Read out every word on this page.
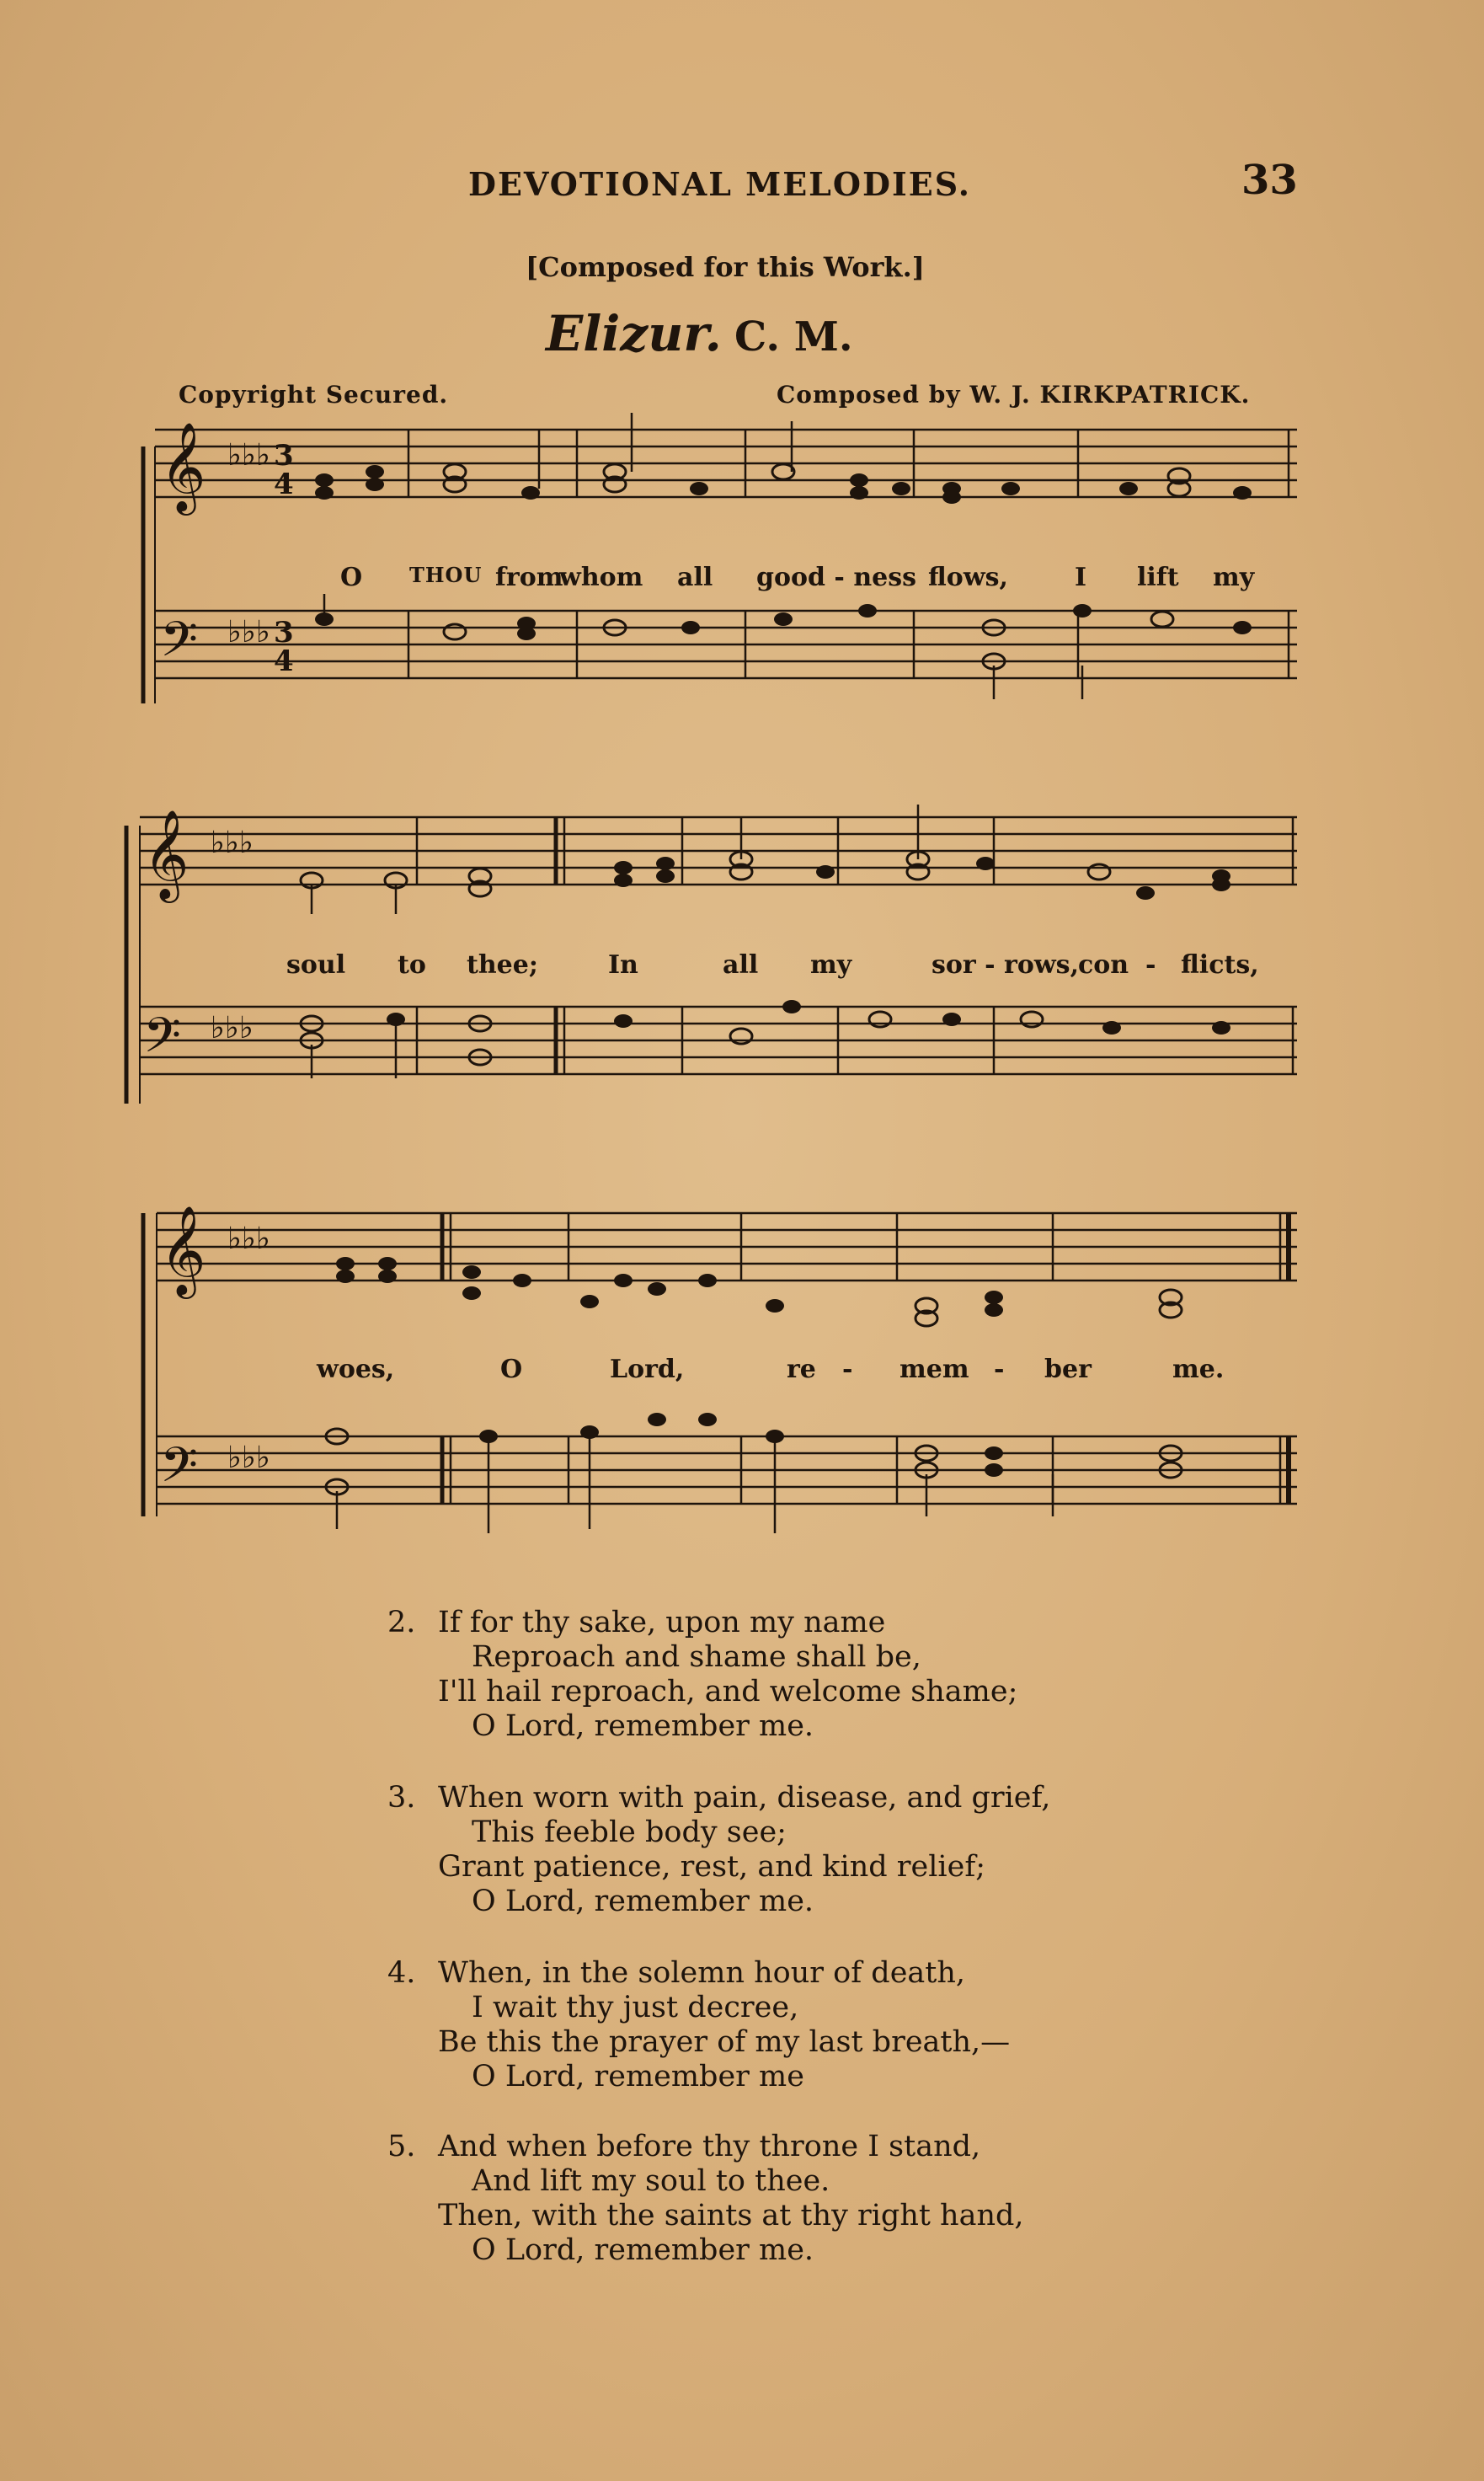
DEVOTIONAL MELODIES.	33
[Composed for this Work.]
Elizur. C. M.
Copyright Secured.	Composed by W. J. KIRKPATRICK.
𝄞
𝄢
♭♭♭
♭♭♭
3
4
3
4
O THOU from
whom all good - ness flows,	I lift my
𝄞
𝄢
♭♭♭
♭♭♭
soul to thee;	In	all my	sor - rows,
con - flicts,
𝄞
𝄢
♭♭♭
♭♭♭
woes,	O	Lord,	re - mem - ber	me.
2. If for thy sake, upon my name
Reproach and shame shall be,
I'll hail reproach, and welcome shame;
O Lord, remember me.
3. When worn with pain, disease, and grief,
This feeble body see;
Grant patience, rest, and kind relief;
O Lord, remember me.
4. When, in the solemn hour of death,
I wait thy just decree,
Be this the prayer of my last breath,—
O Lord, remember me
5. And when before thy throne I stand,
And lift my soul to thee.
Then, with the saints at thy right hand,
O Lord, remember me.
